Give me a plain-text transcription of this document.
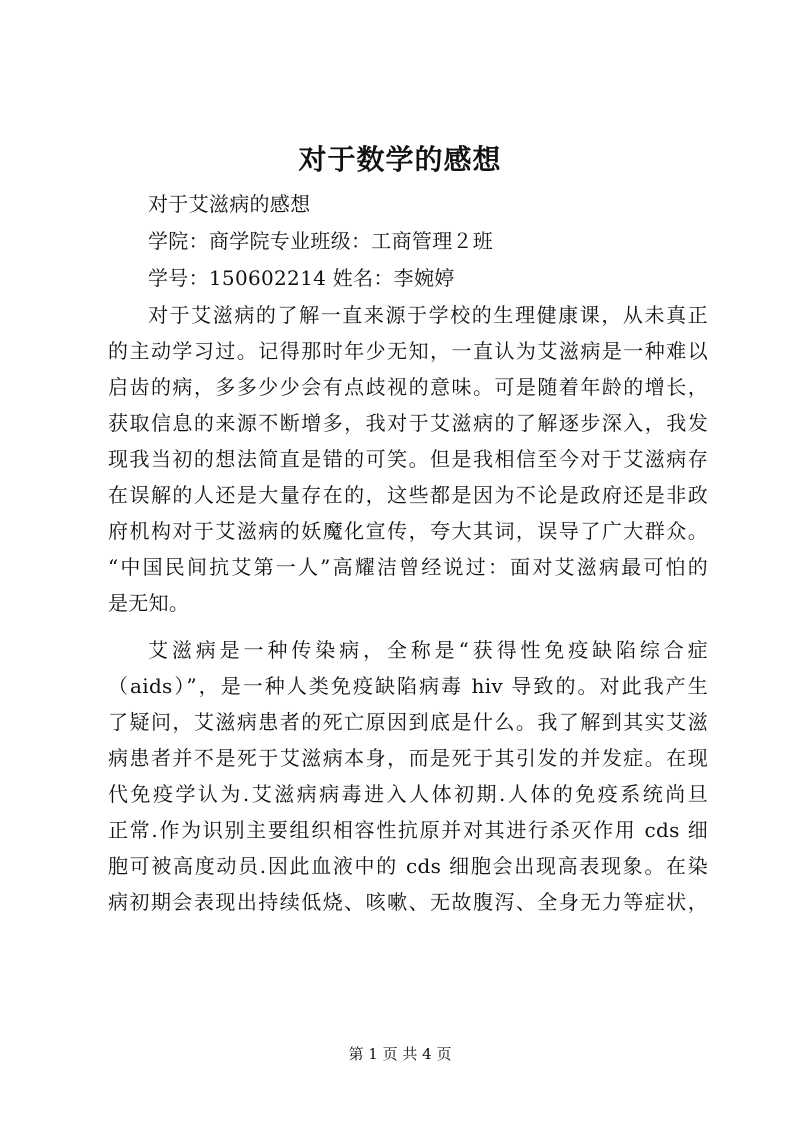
对于数学的感想
对于艾滋病的感想
学院：商学院专业班级：工商管理２班
学号：150602214 姓名：李婉婷
对于艾滋病的了解一直来源于学校的生理健康课，从未真正
的主动学习过。记得那时年少无知，一直认为艾滋病是一种难以
启齿的病，多多少少会有点歧视的意味。可是随着年龄的增长，
获取信息的来源不断增多，我对于艾滋病的了解逐步深入，我发
现我当初的想法简直是错的可笑。但是我相信至今对于艾滋病存
在误解的人还是大量存在的，这些都是因为不论是政府还是非政
府机构对于艾滋病的妖魔化宣传，夸大其词，误导了广大群众。
“中国民间抗艾第一人”高耀洁曾经说过：面对艾滋病最可怕的
是无知。
艾滋病是一种传染病，全称是“获得性免疫缺陷综合症
（aids）”，是一种人类免疫缺陷病毒 hiv 导致的。对此我产生
了疑问，艾滋病患者的死亡原因到底是什么。我了解到其实艾滋
病患者并不是死于艾滋病本身，而是死于其引发的并发症。在现
代免疫学认为.艾滋病病毒进入人体初期.人体的免疫系统尚旦
正常.作为识别主要组织相容性抗原并对其进行杀灭作用 cds 细
胞可被高度动员.因此血液中的 cds 细胞会出现高表现象。在染
病初期会表现出持续低烧、咳嗽、无故腹泻、全身无力等症状，
第 1 页 共 4 页
